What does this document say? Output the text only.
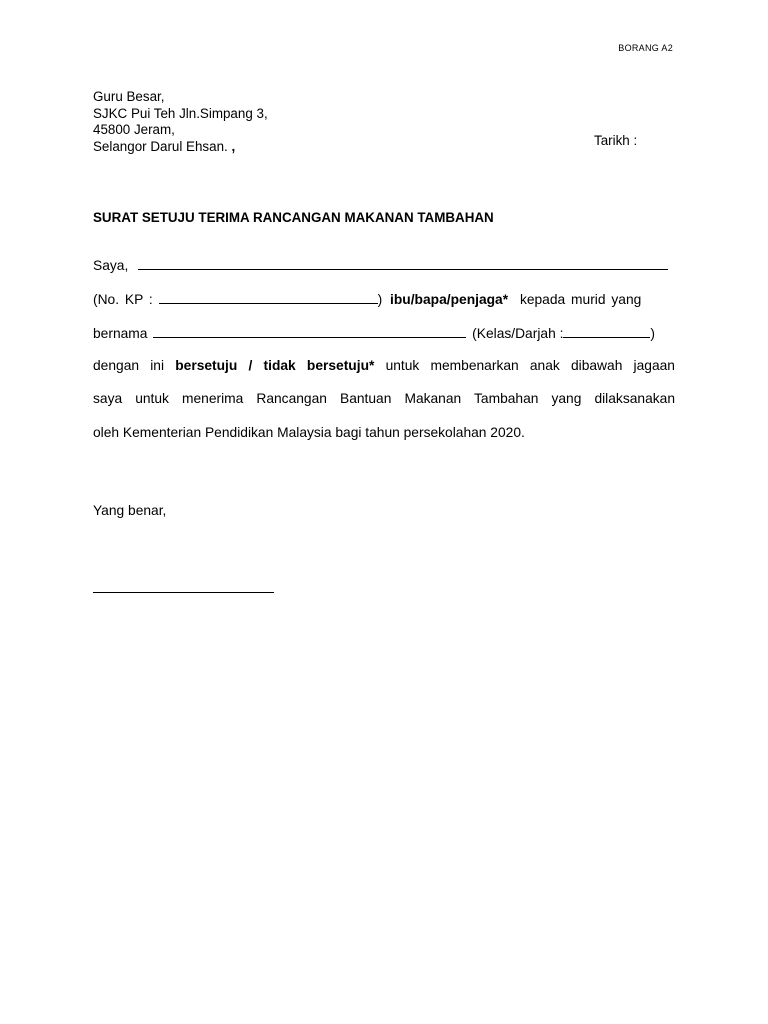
BORANG A2
Guru Besar,
SJKC Pui Teh Jln.Simpang 3,
45800 Jeram,
Selangor Darul Ehsan. ,	Tarikh :
SURAT SETUJU TERIMA RANCANGAN MAKANAN TAMBAHAN
Saya,
(No. KP :	) ibu/bapa/penjaga* kepada murid yang
bernama	(Kelas/Darjah :	)
dengan ini bersetuju / tidak bersetuju* untuk membenarkan anak dibawah jagaan
saya untuk menerima Rancangan Bantuan Makanan Tambahan yang dilaksanakan
oleh Kementerian Pendidikan Malaysia bagi tahun persekolahan 2020.
Yang benar,
